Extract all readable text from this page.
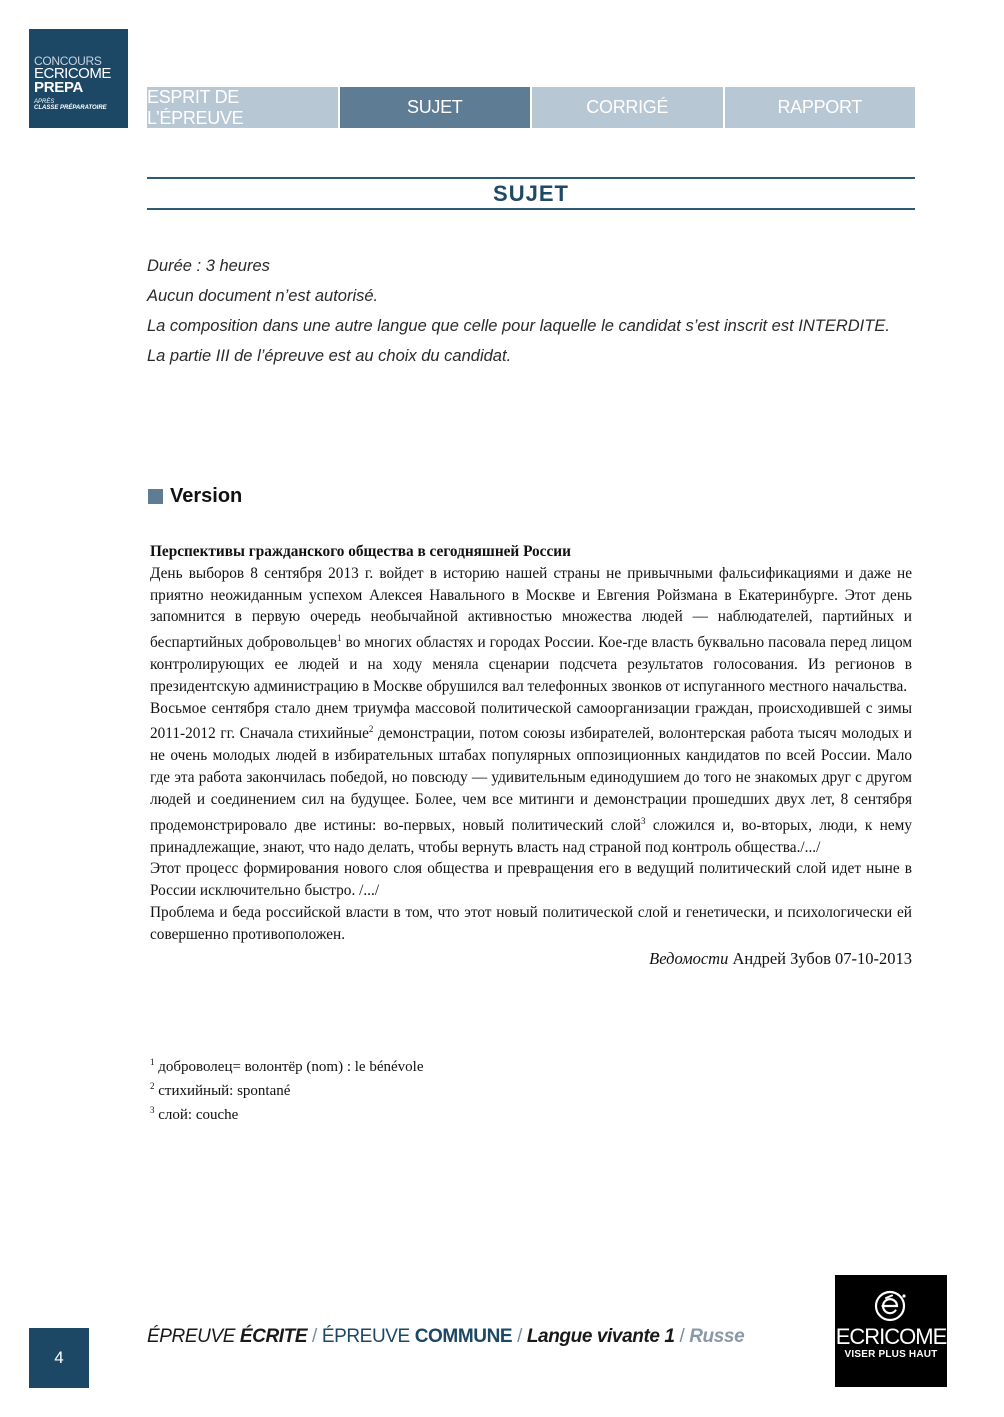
CONCOURS
ECRICOME
PREPA
APRÈS
CLASSE PRÉPARATOIRE
ESPRIT DE L’ÉPREUVE
SUJET	CORRIGÉ	RAPPORT
SUJET

Durée : 3 heures

Aucun document n’est autorisé.

La composition dans une autre langue que celle pour laquelle le candidat s’est inscrit est INTERDITE.

La partie III de l’épreuve est au choix du candidat.

Version
Перспективы гражданского общества в сегодняшней России

День выборов 8 сентября 2013 г. войдет в историю нашей страны не привычными фальсификациями и даже не приятно неожиданным успехом Алексея Навального в Москве и Евгения Ройзмана в Екатеринбурге. Этот день запомнится в первую очередь необычайной активностью множества людей — наблюдателей, партийных и беспартийных добровольцев$^1$ во многих областях и городах России. Кое-где власть буквально пасовала перед лицом контролирующих ее людей и на ходу меняла сценарии подсчета результатов голосования. Из регионов в президентскую администрацию в Москве обрушился вал телефонных звонков от испуганного местного начальства.

Восьмое сентября стало днем триумфа массовой политической самоорганизации граждан, происходившей с зимы 2011-2012 гг. Сначала стихийные$^2$ демонстрации, потом союзы избирателей, волонтерская работа тысяч молодых и не очень молодых людей в избирательных штабах популярных оппозиционных кандидатов по всей России. Мало где эта работа закончилась победой, но повсюду — удивительным единодушием до того не знакомых друг с другом людей и соединением сил на будущее. Более, чем все митинги и демонстрации прошедших двух лет, 8 сентября продемонстрировало две истины: во-первых, новый политический слой$^3$ сложился и, во-вторых, люди, к нему принадлежащие, знают, что надо делать, чтобы вернуть власть над страной под контроль общества./.../

Этот процесс формирования нового слоя общества и превращения его в ведущий политический слой идет ныне в России исключительно быстро. /.../

Проблема и беда российской власти в том, что этот новый политической слой и генетически, и психологически ей совершенно противоположен.

Ведомости Андрей Зубов 07-10-2013
$^1$ доброволец= волонтёр (nom) : le bénévole
$^2$ стихийный: spontané
$^3$ слой: couche
4
ÉPREUVE ÉCRITE / ÉPREUVE COMMUNE / Langue vivante 1 / Russe	ECRICOME
VISER PLUS HAUT
